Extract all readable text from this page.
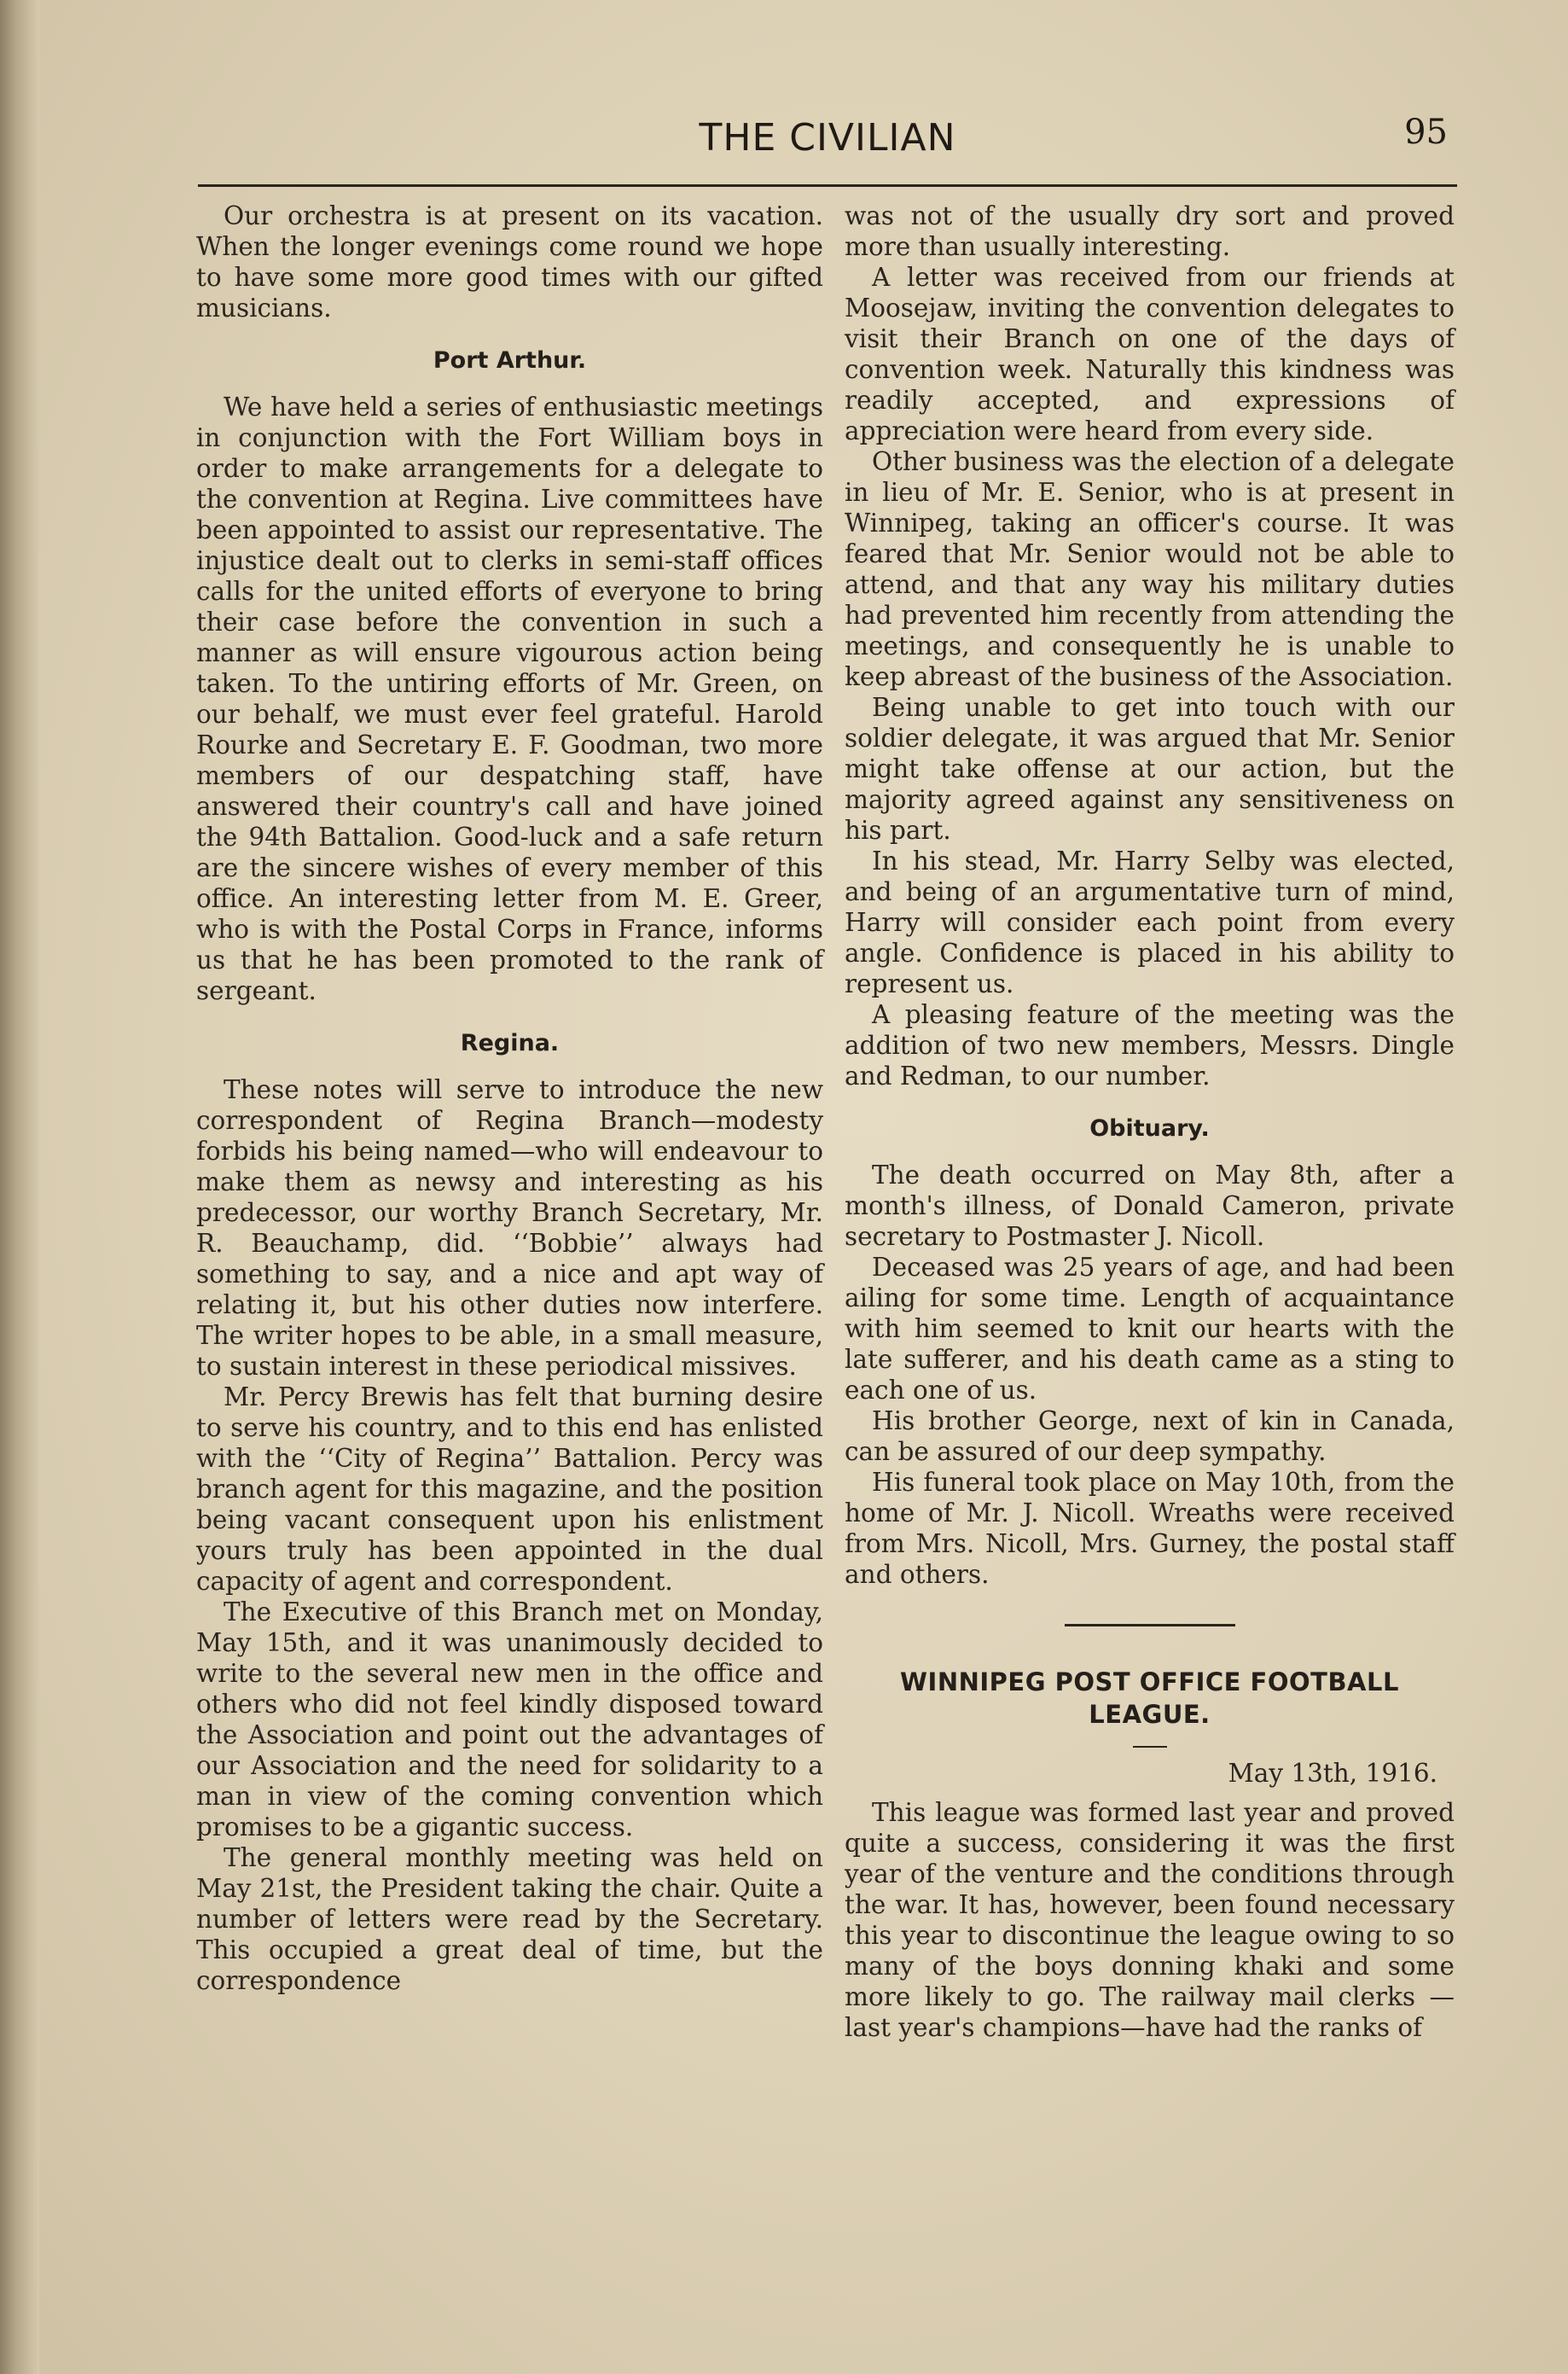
THE CIVILIAN	95

Our orchestra is at present on its vacation. When the longer evenings come round we hope to have some more good times with our gifted musicians.

Port Arthur.

We have held a series of enthusiastic meetings in conjunction with the Fort William boys in order to make arrangements for a delegate to the convention at Regina. Live committees have been appointed to assist our representative. The injustice dealt out to clerks in semi-staff offices calls for the united efforts of everyone to bring their case before the convention in such a manner as will ensure vigourous action being taken. To the untiring efforts of Mr. Green, on our behalf, we must ever feel grateful. Harold Rourke and Secretary E. F. Goodman, two more members of our despatching staff, have answered their country's call and have joined the 94th Battalion. Good-luck and a safe return are the sincere wishes of every member of this office. An interesting letter from M. E. Greer, who is with the Postal Corps in France, informs us that he has been promoted to the rank of sergeant.

Regina.

These notes will serve to introduce the new correspondent of Regina Branch—modesty forbids his being named—who will endeavour to make them as newsy and interesting as his predecessor, our worthy Branch Secretary, Mr. R. Beauchamp, did. ‘‘Bobbie’’ always had something to say, and a nice and apt way of relating it, but his other duties now interfere. The writer hopes to be able, in a small measure, to sustain interest in these periodical missives.

Mr. Percy Brewis has felt that burning desire to serve his country, and to this end has enlisted with the ‘‘City of Regina’’ Battalion. Percy was branch agent for this magazine, and the position being vacant consequent upon his enlistment yours truly has been appointed in the dual capacity of agent and correspondent.

The Executive of this Branch met on Monday, May 15th, and it was unanimously decided to write to the several new men in the office and others who did not feel kindly disposed toward the Association and point out the advantages of our Association and the need for solidarity to a man in view of the coming convention which promises to be a gigantic success.

The general monthly meeting was held on May 21st, the President taking the chair. Quite a number of letters were read by the Secretary. This occupied a great deal of time, but the correspondence

was not of the usually dry sort and proved more than usually interesting.

A letter was received from our friends at Moosejaw, inviting the convention delegates to visit their Branch on one of the days of convention week. Naturally this kindness was readily accepted, and expressions of appreciation were heard from every side.

Other business was the election of a delegate in lieu of Mr. E. Senior, who is at present in Winnipeg, taking an officer's course. It was feared that Mr. Senior would not be able to attend, and that any way his military duties had prevented him recently from attending the meetings, and consequently he is unable to keep abreast of the business of the Association.

Being unable to get into touch with our soldier delegate, it was argued that Mr. Senior might take offense at our action, but the majority agreed against any sensitiveness on his part.

In his stead, Mr. Harry Selby was elected, and being of an argumentative turn of mind, Harry will consider each point from every angle. Confidence is placed in his ability to represent us.

A pleasing feature of the meeting was the addition of two new members, Messrs. Dingle and Redman, to our number.

Obituary.

The death occurred on May 8th, after a month's illness, of Donald Cameron, private secretary to Postmaster J. Nicoll.

Deceased was 25 years of age, and had been ailing for some time. Length of acquaintance with him seemed to knit our hearts with the late sufferer, and his death came as a sting to each one of us.

His brother George, next of kin in Canada, can be assured of our deep sympathy.

His funeral took place on May 10th, from the home of Mr. J. Nicoll. Wreaths were received from Mrs. Nicoll, Mrs. Gurney, the postal staff and others.

WINNIPEG POST OFFICE FOOTBALL LEAGUE.

May 13th, 1916.

This league was formed last year and proved quite a success, considering it was the first year of the venture and the conditions through the war. It has, however, been found necessary this year to discontinue the league owing to so many of the boys donning khaki and some more likely to go. The railway mail clerks — last year's champions—have had the ranks of
